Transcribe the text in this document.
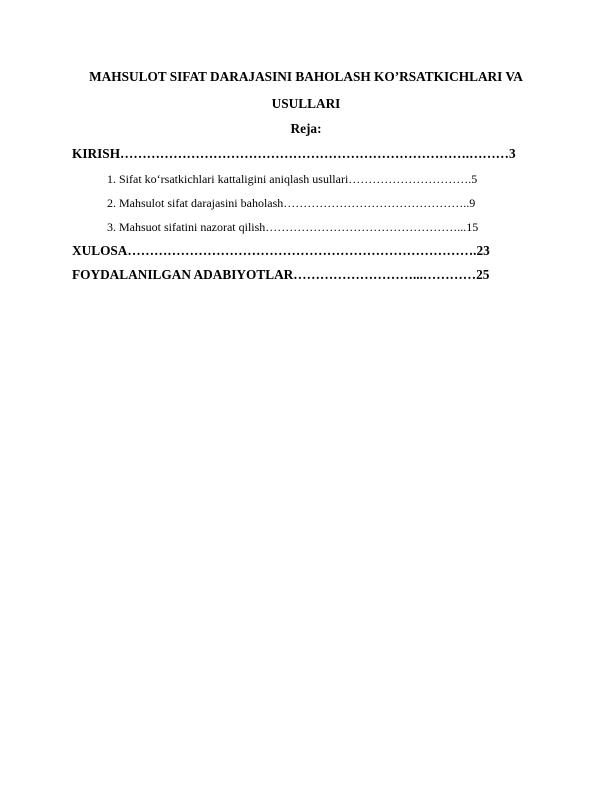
MAHSULOT SIFAT DARAJASINI BAHOLASH KO’RSATKICHLARI VA
USULLARI
Reja:
KIRISH…………………………………………………………………….………3
1. Sifat ko‘rsatkichlari kattaligini aniqlash usullari………………………….5
2. Mahsulot sifat darajasini baholash………………………………………..9
3. Mahsuot sifatini nazorat qilish…………………………………………...15
XULOSA…………………………………………………………………….23
FOYDALANILGAN ADABIYOTLAR………………………...…………25
